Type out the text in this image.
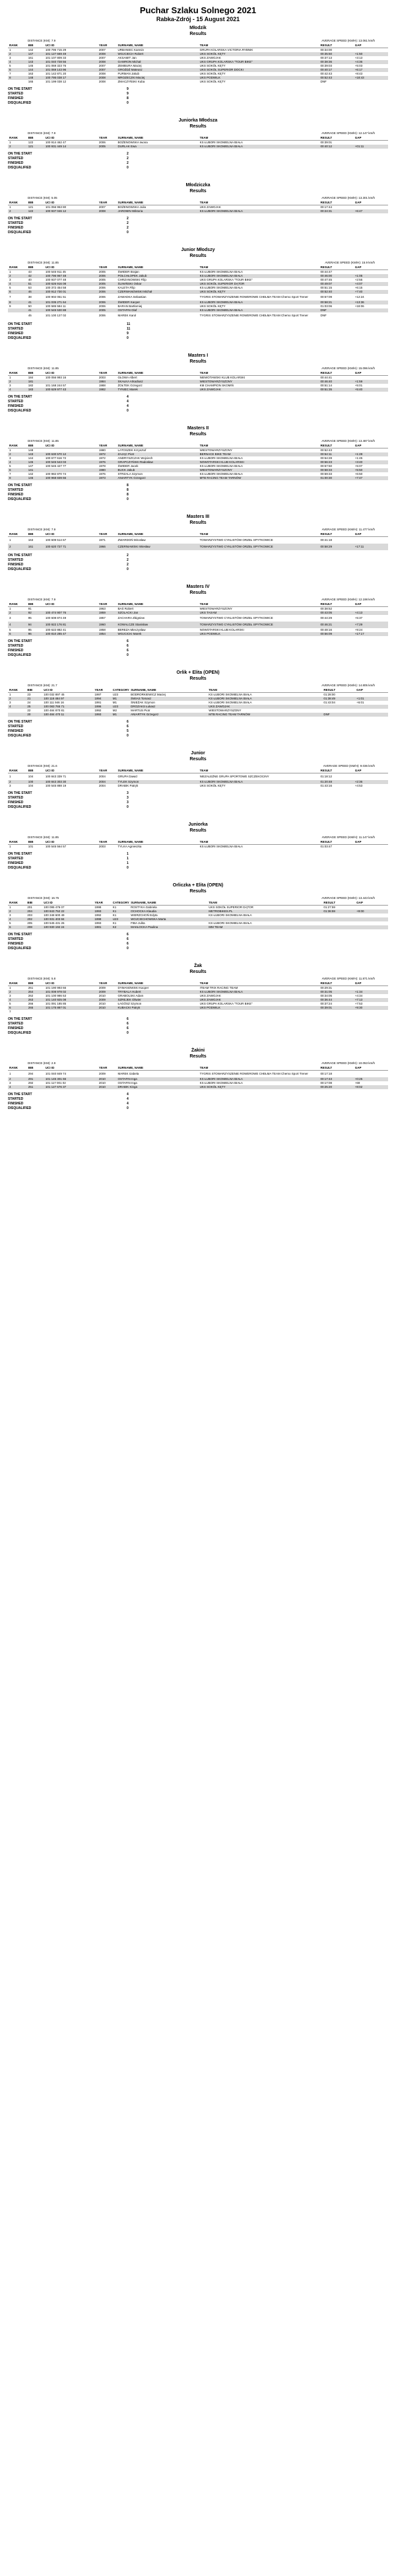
Puchar Szlaku Solnego 2021
Rabka-Zdrój - 15 August 2021
Młodzik
Results
DISTANCE (KM): 7.9	AVERAGE SPEED (KM/H): 13.061 km/h
RANK	BIB	UCI ID	YEAR	SURNAME, NAME	TEAM	RESULT	GAP
1	142	100 795 715 29	2007	URBANIEC Kamsin	GRUPA KOLARSKA VICTORIA RYBNIK	00:34:00	
2	147	101 127 669 49	2008	WOJCIECH Robert	UKS SOKÓŁ KĘTY	00:35:50	+1:50
3	161	101 107 809 33	2007	AKSAMIT Jan	UKS ZAWOJAK	00:37:13	+3:13
4	143	101 040 728 56	2008	GAWRON Michał	UKS GRUPA KOLARSKA "TOUR BIKE"	00:38:36	+4:36
5	145	101 069 323 76	2007	ZEMBURA Maciej	UKS SOKÓŁ KĘTY	00:39:03	+5:03
6	144	101 069 143 96	2007	GROŻDŻ Mateusz	UKS SOKÓŁ SUPERIOR DOCKI	00:40:17	+6:17
7	163	101 142 871 20	2008	FURMAN Jakub	UKS SOKÓŁ KĘTY	00:42:43	+8:43
8	148	100 795 038 17	2008	MROZECZKI Maciej	UKS PODWILK	00:52:43	+18:43
	165	101 199 038 12	2008	ZMACZYŃSKI Kuba	UKS SOKÓŁ KĘTY	DNF	
ON THE START	9
STARTED	9
FINISHED	8
DISQUALIFIED	0
Juniorka Młodsza
Results
DISTANCE (KM): 7.9	AVERAGE SPEED (KM/H): 12.147 km/h
RANK	BIB	UCI ID	YEAR	SURNAME, NAME	TEAM	RESULT	GAP
1	122	100 914 462 47	2006	BOŻENOWSKA Iwona	KS ŁUBORI SKOMIELNA BIAŁA	00:39:01	
2	121	100 931 449 14	2005	DURLAK Ewa	KS ŁUBORI SKOMIELNA BIAŁA	00:40:12	+01:11
ON THE START	2
STARTED	2
FINISHED	2
DISQUALIFIED	0
Młodziczka
Results
DISTANCE (KM): 5.05	AVERAGE SPEED (KM/H): 13.301 km/h
RANK	BIB	UCI ID	YEAR	SURNAME, NAME	TEAM	RESULT	GAP
1	121	101 056 953 80	2007	BOŻENOWSKA Julia	UKS ZAWOJAK	00:17:44	
2	122	100 937 046 12	2008	JAROMIN Wiktoria	KS ŁUBORI SKOMIELNA BIAŁA	00:24:31	+6:47
ON THE START	2
STARTED	2
FINISHED	2
DISQUALIFIED	0
Junior Młodszy
Results
DISTANCE (KM): 11.85	AVERAGE SPEED (KM/H): 15.9 km/h
RANK	BIB	UCI ID	YEAR	SURNAME, NAME	TEAM	RESULT	GAP
1	43	100 545 911 45	2005	ŚWIDER Brajan	KS ŁUBORI SKOMIELNA BIAŁA	00:44:47	
2	42	100 796 967 48	2006	POŁCHŁOPEK Jakub	KS ŁUBORI SKOMIELNA BIAŁA	00:46:00	+1:05
3	40	100 937 077 48	2005	CHRZANOWSKI Filip	UKS GRUPA KOLARSKA "TOUR BIKE"	00:47:45	+2:55
4	51	100 626 916 08	2005	ŚLIWIŃSKI Oskar	UKS SOKÓŁ SUPERIOR DĄTOR	00:49:07	+4:07
5	53	100 372 454 58	2006	KALETA Filip	KS ŁUBORI SKOMIELNA BIAŁA	00:51:15	+6:15
6	46	100 912 730 01	2006	CZERWANOWSKI Michał	UKS SOKÓŁ KĘTY	00:52:40	+7:40
7	38	100 902 051 51	2006	ZAWADKA Sebastian	TYGRIS STOWARZYSZENIE ROWEROWE CHEŁMA TEAM Chemo Sport Trener	00:57:09	+12:24
8	41	101 035 271 64	2006	ŚWIDER Kacper	KS ŁUBORI SKOMIELNA BIAŁA	00:58:21	+13:36
9	50	100 585 584 11	2006	BARAN Bartłomiej	UKS SOKÓŁ KĘTY	01:03:06	+18:06
	41	100 545 530 88	2005	OSTAFIN Olaf	KS ŁUBORI SKOMIELNA BIAŁA	DNF	
	45	101 100 127 02	2006	MAREK Karol	TYGRIS STOWARZYSZENIE ROWEROWE CHEŁMA TEAM Chemo Sport Trener	DNF	
ON THE START	11
STARTED	11
FINISHED	9
DISQUALIFIED	0
Masters I
Results
DISTANCE (KM): 11.85	AVERAGE SPEED (KM/H): 15.096 km/h
RANK	BIB	UCI ID	YEAR	SURNAME, NAME	TEAM	RESULT	GAP
1	184	100 056 993 16	2003	GŁOWA Albert	NIEWOTAWSKI KLUB KOLARSKI	00:44:41	
2	181		1984	SKAŁKA Arkadiusz	WIESTOWARZYSZONY	00:46:40	+1:59
3	182	101 168 244 57	1988	ŻOŁTEK Grzegorz	KM CHAMPION SKOMIŃ	00:51:14	+5:01
4	183	100 629 977 43	1982	TYNIEC Marek	UKS ZAWOJAK	00:51:35	+5:40
ON THE START	4
STARTED	4
FINISHED	4
DISQUALIFIED	0
Masters II
Results
DISTANCE (KM): 11.85	AVERAGE SPEED (KM/H): 13.487 km/h
RANK	BIB	UCI ID	YEAR	SURNAME, NAME	TEAM	RESULT	GAP
1	148		1980	LATOSZEK Krzysztof	WIESTOWARZYSZONY	00:52:43	
2	143	100 630 570 12	1972	ZAJĄC Piotr	BERNACE BIKE TEAM	00:54:11	+1:28
3	144	100 677 616 72	1972	ANDRYSZCZAK Wojciech	KS ŁUBORI SKOMIELNA BIAŁA	00:54:28	+1:45
4	145	100 545 543 03	1976	GRAPCZYŃSKI Radosław	NOWOTARSKI KLUB KOLARSKI	00:56:23	+3:40
5	147	100 545 427 77	1978	ŚWIDER Jacek	KS ŁUBORI SKOMIELNA BIAŁA	00:57:50	+5:07
6	141		1980	BUCK Jakub	WIESTOWARZYSZONY	00:58:33	+5:50
7	142	100 982 870 74	1976	STRZALA Szymon	KS ŁUBORI SKOMIELNA BIAŁA	00:59:33	+6:50
8	146	100 968 839 66	1973	ANIARTYK Grzegorz	MTB RACING TEAM TARNÓW	01:00:30	+7:47
ON THE START	8
STARTED	8
FINISHED	8
DISQUALIFIED	0
Masters III
Results
DISTANCE (KM): 7.9	AVERAGE SPEED (KM/H): 11.477 km/h
RANK	BIB	UCI ID	YEAR	SURNAME, NAME	TEAM	RESULT	GAP
1	163	100 609 514 67	1971	ZWARDOŃ Mirosław	TOWARZYSTWO CYKLISTÓW ORZEŁ SPYTKOWICE	00:41:18	
2	161	100 620 727 71	1966	CZERNIAWSKI Wiesław	TOWARZYSTWO CYKLISTÓW ORZEŁ SPYTKOWICE	00:58:29	+17:11
ON THE START	2
STARTED	2
FINISHED	2
DISQUALIFIED	0
Masters IV
Results
DISTANCE (KM): 7.9	AVERAGE SPEED (KM/H): 12.198 km/h
RANK	BIB	UCI ID	YEAR	SURNAME, NAME	TEAM	RESULT	GAP
1	91		1963	BAŚ Robert	WIESTOWARZYSZONY	00:38:52	
2	92	100 474 907 76	1959	SZOLACKI Jan	UKS TAXAM	00:43:05	+4:13
3	95	100 608 874 49	1957	ZACHARA Zbigniew	TOWARZYSTWO CYKLISTÓW ORZEŁ SPYTKOWICE	00:44:29	+5:37
4	94	100 922 176 81	1960	KOWALCZE Stanisław	TOWARZYSTWO CYKLISTÓW ORZEŁ SPYTKOWICE	00:46:21	+7:29
5	95	100 622 882 41	1958	BEREZA Mieczysław	NOWOTARSKI KLUB KOLARSKI	00:48:16	+9:24
6	96	100 810 285 47	1954	WOJCICKI Marek	UKS PODWILK	00:56:09	+17:17
ON THE START	6
STARTED	6
FINISHED	6
DISQUALIFIED	0
Orlik + Elita (OPEN)
Results
DISTANCE (KM): 21.7	AVERAGE SPEED (KM/H): 14.805 km/h
RANK	BIB	UCI ID	YEAR	CATEGORY	SURNAME, NAME	TEAM	RESULT	GAP
1	23	100 032 897 45	1997	U23	BODRORKIEWICZ Maciej	KS ŁUBORI SKOMIELNA BIAŁA	01:28:00	
2	21	100 118 484 97	1994	M1	ŚWIAS Tomasz	KS ŁUBORI SKOMIELNA BIAŁA	01:38:49	+1:01
3	24	100 111 946 16	1991	M1	ŚNIEŻAK Szymon	KS ŁUBORI SKOMIELNA BIAŁA	01:43:04	+6:01
4	25	100 083 765 71	1996	U23	DROZAKS Łukasz	UKS ZAWOJAK		
	22	100 484 870 81	1992	M2	MARTUS Piotr	WIESTOWARZYSZONY		
	20	100 484 470 11	1993	M1	ANIARTYK Grzegorz	MTB RACING TEAM TARNÓW	DNF	
ON THE START	6
STARTED	6
FINISHED	5
DISQUALIFIED	0
Junior
Results
DISTANCE (KM): 21.6	AVERAGE SPEED (KM/H): 9.036 km/h
RANK	BIB	UCI ID	YEAR	SURNAME, NAME	TEAM	RESULT	GAP
1	104	100 843 339 71	2004	GRUPA Dawid	NIEZALEŻNE GRUPA SPORTOWE SZCZEKOCINY	01:18:12	
2	100	100 843 303 30	2004	TYLEK Szymon	KS ŁUBORI SKOMIELNA BIAŁA	01:20:48	+2:36
3	104	100 545 888 19	2004	DRABIK Patryk	UKS SOKÓŁ KĘTY	01:43:16	+4:53
ON THE START	3
STARTED	3
FINISHED	3
DISQUALIFIED	0
Juniorka
Results
DISTANCE (KM): 11.85	AVERAGE SPEED (KM/H): 11.147 km/h
RANK	BIB	UCI ID	YEAR	SURNAME, NAME	TEAM	RESULT	GAP
1	101	100 545 564 57	2003	TYLKA Agnieszka	KS ŁUBORI SKOMIELNA BIAŁA	01:03:47	
ON THE START	1
STARTED	1
FINISHED	1
DISQUALIFIED	0
Orliczka + Elita (OPEN)
Results
DISTANCE (KM): 16.75	AVERAGE SPEED (KM/H): 13.443 km/h
RANK	BIB	UCI ID	YEAR	CATEGORY	SURNAME, NAME	TEAM	RESULT	GAP
1	201	100 095 476 07	1998	K1	ROSTYKA Gabriela	UKS SOKÓŁ SUPERIOR DĄTOR	01:27:59	
2	204	100 843 752 22	1993	K1	OCHOCKA Klaudia	METROBIKES.PL	01:36:59	+9:00
3	203	100 348 600 49	1992	K1	WIERZCHOŃ Edyta	KS ŁUBORI SKOMIELNA BIAŁA		
4	202	100 931 403 84	1998	U23	WOJCIECHOWSKA Marta			
5	205	100 545 431 26	1993	K1	FIBA Julita	KS ŁUBORI SKOMIELNA BIAŁA		
6	208	100 930 192 24	1981	K2	MAKŁOCKA Paulina	MM TEAM		
ON THE START	6
STARTED	6
FINISHED	6
DISQUALIFIED	0
Żak
Results
DISTANCE (KM): 5.8	AVERAGE SPEED (KM/H): 11.871 km/h
RANK	BIB	UCI ID	YEAR	SURNAME, NAME	TEAM	RESULT	GAP
1	261	101 190 993 66	2009	DYMANOWSKI Kacper	ITEAM TRIX RACING TEAM	00:29:31	
2	264	101 008 978 02	2009	TRYBALA Hubert	KS ŁUBORI SKOMIELNA BIAŁA	00:31:05	+1:34
3	262	101 100 986 53	2010	GRABOLSKI Adam	UKS ZAWOJAK	00:34:05	+4:34
4	263	101 140 925 08	2009	SZREJEK Oliwier	UKS ZAWOJAK	00:36:44	+7:13
5	266	101 091 185 85	2010	ŁAGÓSZ Szymon	UKS GRUPA KOLARSKA "TOUR BIKE"	00:37:24	+7:53
6	265	101 175 887 01	2010	KUBACKI Patryk	UKS PODWILK	00:39:01	+9:30
7							
ON THE START	6
STARTED	6
FINISHED	6
DISQUALIFIED	0
Żakini
Results
DISTANCE (KM): 2.9	AVERAGE SPEED (KM/H): 10.053 km/h
RANK	BIB	UCI ID	YEAR	SURNAME, NAME	TEAM	RESULT	GAP
1	294	101 040 849 74	2009	MAREK Izabela	TYGRIS STOWARZYSZENIE ROWEROWE CHEŁMA TEAM Chemo Sport Trener	00:17:18	
2	291	101 145 301 66	2010	OSTAFIN Inga	KS ŁUBORI SKOMIELNA BIAŁA	00:17:43	+0:25
3	292	101 117 001 02	2010	OSTAFIN Inga	KS ŁUBORI SKOMIELNA BIAŁA	00:17:08	+69
4	251	101 127 676 37	2010	DRABIK Kinga	UKS SOKÓŁ KĘTY	00:25:20	+8:02
ON THE START	4
STARTED	4
FINISHED	4
DISQUALIFIED	0
